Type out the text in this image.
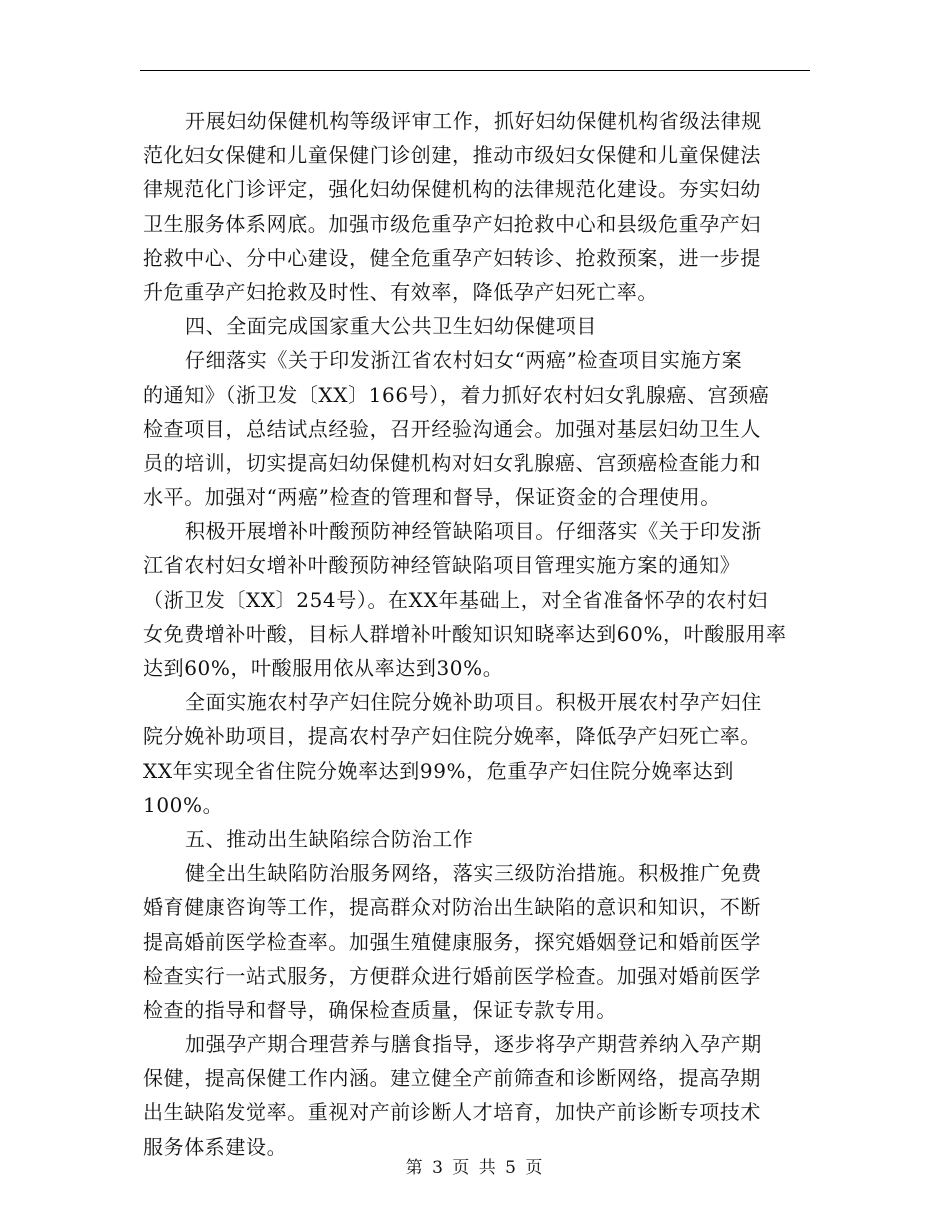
开展妇幼保健机构等级评审工作，抓好妇幼保健机构省级法律规
范化妇女保健和儿童保健门诊创建，推动市级妇女保健和儿童保健法
律规范化门诊评定，强化妇幼保健机构的法律规范化建设。夯实妇幼
卫生服务体系网底。加强市级危重孕产妇抢救中心和县级危重孕产妇
抢救中心、分中心建设，健全危重孕产妇转诊、抢救预案，进一步提
升危重孕产妇抢救及时性、有效率，降低孕产妇死亡率。
四、全面完成国家重大公共卫生妇幼保健项目
仔细落实《关于印发浙江省农村妇女“两癌”检查项目实施方案
的通知》（浙卫发〔XX〕166号），着力抓好农村妇女乳腺癌、宫颈癌
检查项目，总结试点经验，召开经验沟通会。加强对基层妇幼卫生人
员的培训，切实提高妇幼保健机构对妇女乳腺癌、宫颈癌检查能力和
水平。加强对“两癌”检查的管理和督导，保证资金的合理使用。
积极开展增补叶酸预防神经管缺陷项目。仔细落实《关于印发浙
江省农村妇女增补叶酸预防神经管缺陷项目管理实施方案的通知》
（浙卫发〔XX〕254号）。在XX年基础上，对全省准备怀孕的农村妇
女免费增补叶酸，目标人群增补叶酸知识知晓率达到60%，叶酸服用率
达到60%，叶酸服用依从率达到30%。
全面实施农村孕产妇住院分娩补助项目。积极开展农村孕产妇住
院分娩补助项目，提高农村孕产妇住院分娩率，降低孕产妇死亡率。
XX年实现全省住院分娩率达到99%，危重孕产妇住院分娩率达到
100%。
五、推动出生缺陷综合防治工作
健全出生缺陷防治服务网络，落实三级防治措施。积极推广免费
婚育健康咨询等工作，提高群众对防治出生缺陷的意识和知识，不断
提高婚前医学检查率。加强生殖健康服务，探究婚姻登记和婚前医学
检查实行一站式服务，方便群众进行婚前医学检查。加强对婚前医学
检查的指导和督导，确保检查质量，保证专款专用。
加强孕产期合理营养与膳食指导，逐步将孕产期营养纳入孕产期
保健，提高保健工作内涵。建立健全产前筛查和诊断网络，提高孕期
出生缺陷发觉率。重视对产前诊断人才培育，加快产前诊断专项技术
服务体系建设。
第 3 页 共 5 页
